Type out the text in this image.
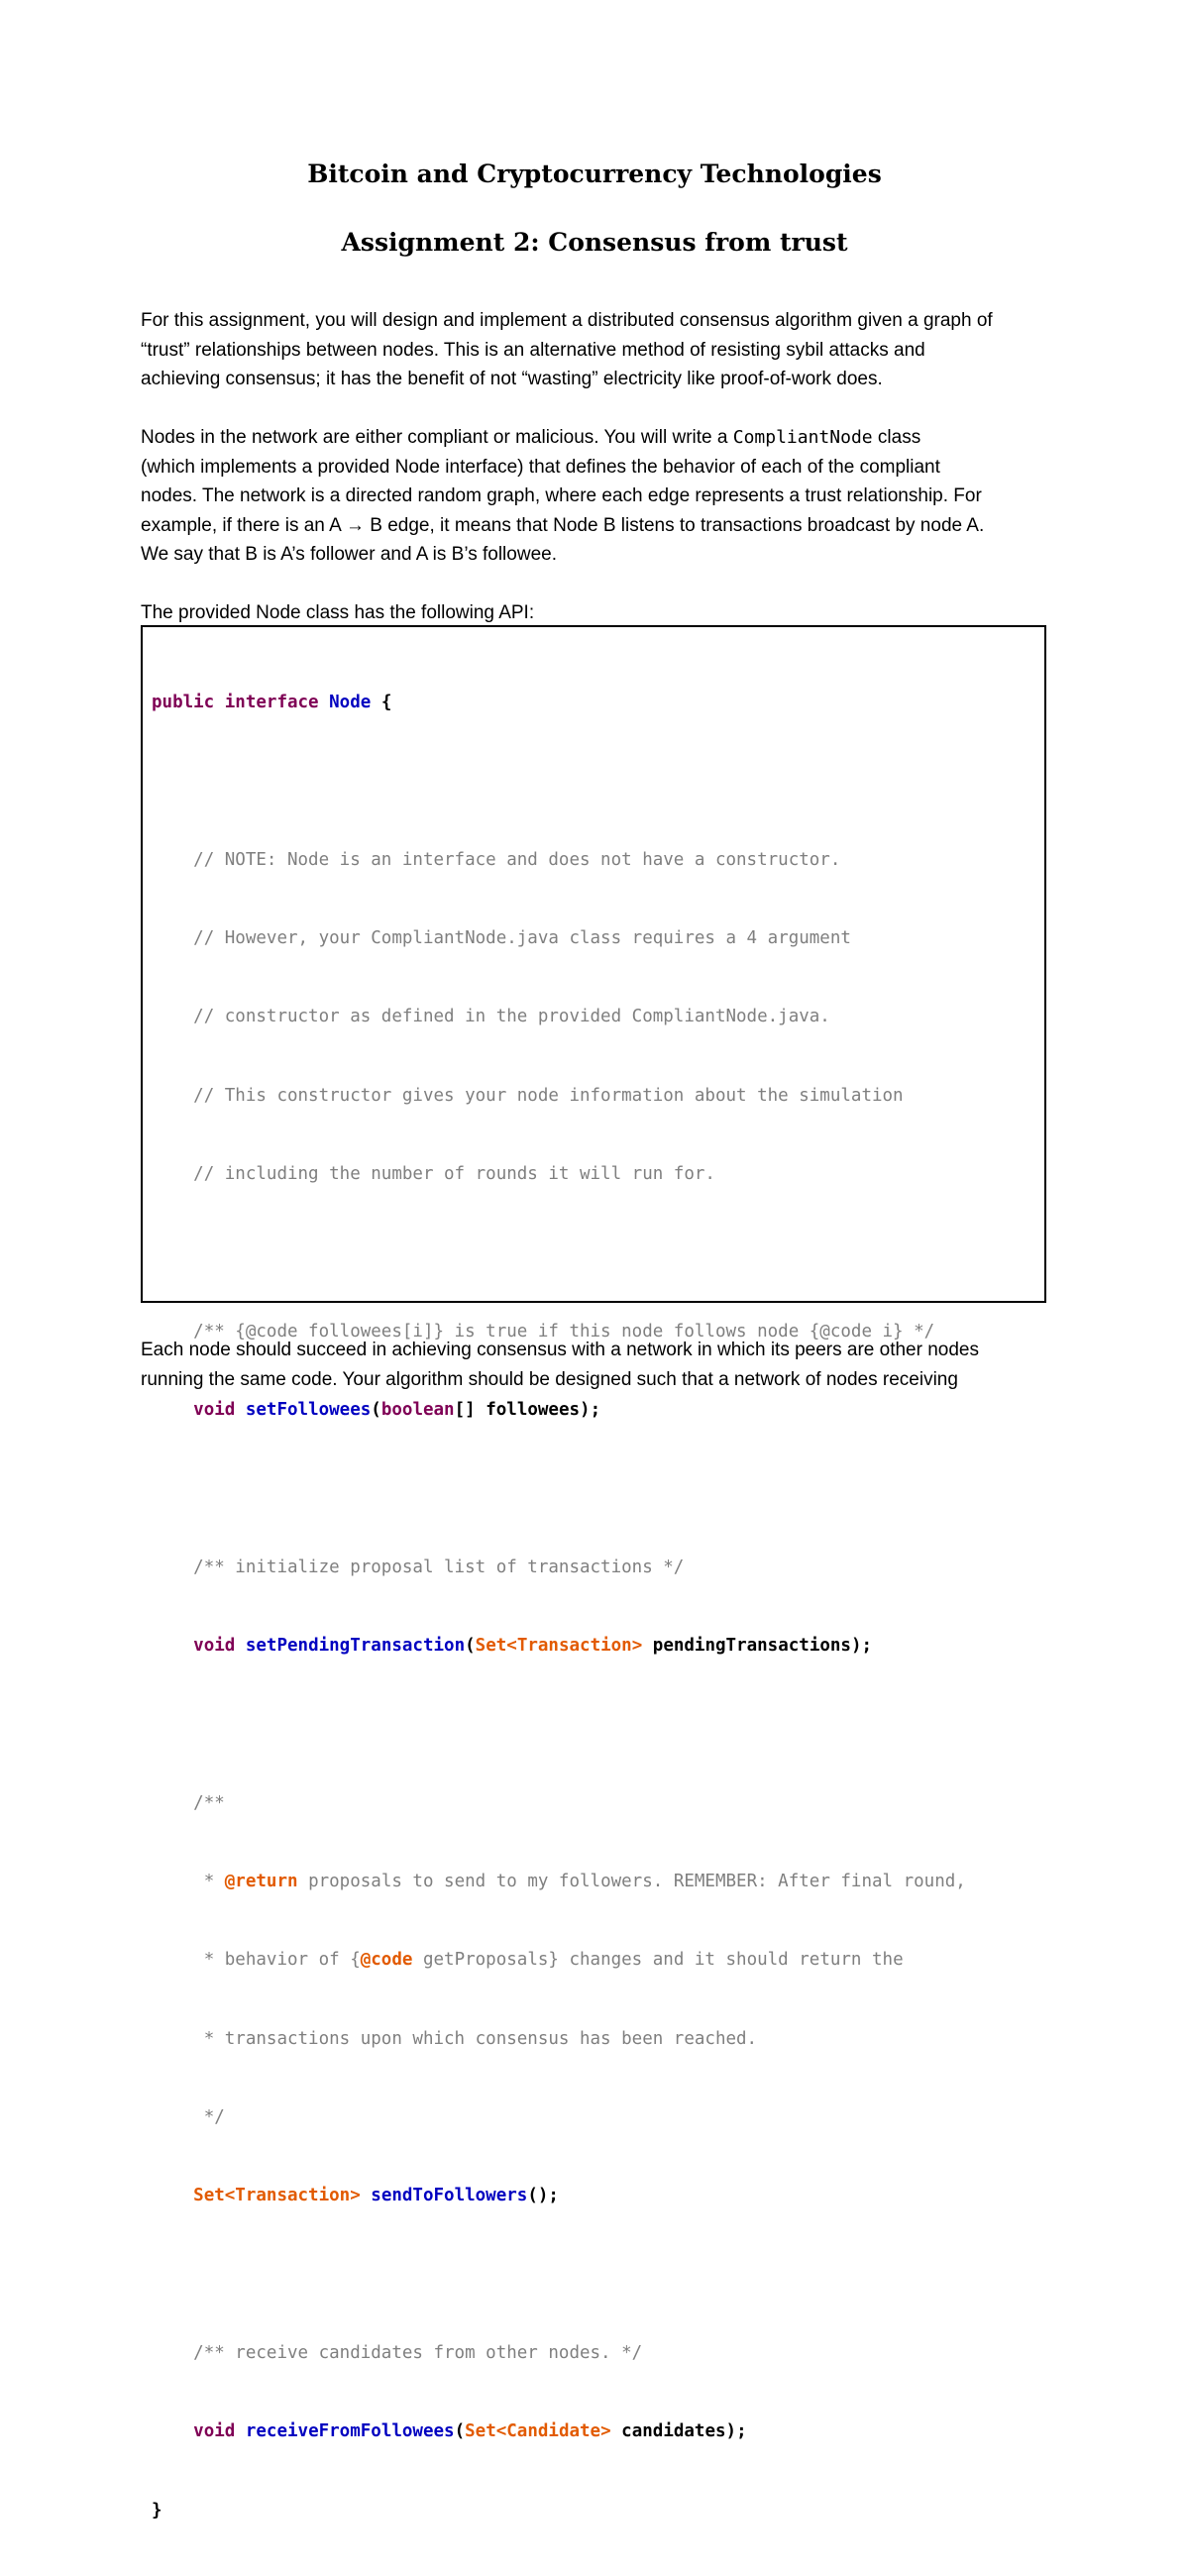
Bitcoin and Cryptocurrency Technologies
Assignment 2: Consensus from trust
For this assignment, you will design and implement a distributed consensus algorithm given a graph of
“trust” relationships between nodes. This is an alternative method of resisting sybil attacks and
achieving consensus; it has the benefit of not “wasting” electricity like proof-of-work does.
Nodes in the network are either compliant or malicious. You will write a CompliantNode class
(which implements a provided Node interface) that defines the behavior of each of the compliant
nodes. The network is a directed random graph, where each edge represents a trust relationship. For
example, if there is an A → B edge, it means that Node B listens to transactions broadcast by node A.
We say that B is A’s follower and A is B’s followee.
The provided Node class has the following API:

public interface Node {

// NOTE: Node is an interface and does not have a constructor.

// However, your CompliantNode.java class requires a 4 argument

// constructor as defined in the provided CompliantNode.java.

// This constructor gives your node information about the simulation

// including the number of rounds it will run for.

/** {@code followees[i]} is true if this node follows node {@code i} */

void setFollowees(boolean[] followees);

/** initialize proposal list of transactions */

void setPendingTransaction(Set<Transaction> pendingTransactions);

/**

* @return proposals to send to my followers. REMEMBER: After final round,

* behavior of {@code getProposals} changes and it should return the

* transactions upon which consensus has been reached.

*/

Set<Transaction> sendToFollowers();

/** receive candidates from other nodes. */

void receiveFromFollowees(Set<Candidate> candidates);

}

Each node should succeed in achieving consensus with a network in which its peers are other nodes
running the same code. Your algorithm should be designed such that a network of nodes receiving
